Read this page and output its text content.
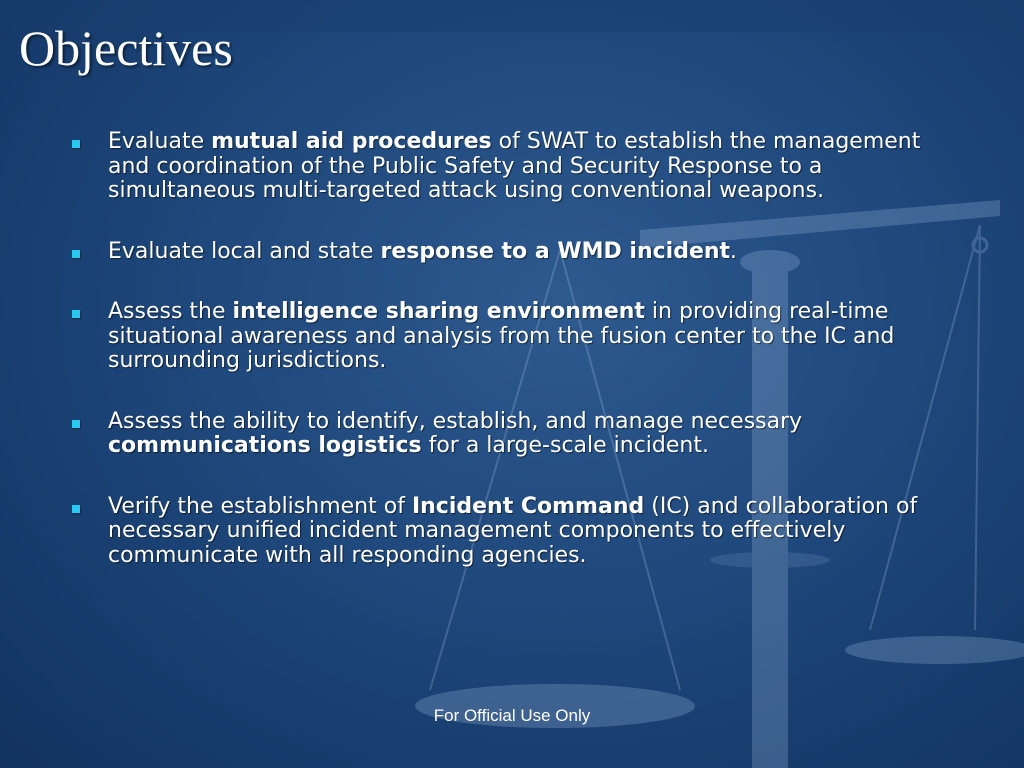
Objectives
Evaluate mutual aid procedures of SWAT to establish the management and coordination of the Public Safety and Security Response to a simultaneous multi-targeted attack using conventional weapons.
Evaluate local and state response to a WMD incident.
Assess the intelligence sharing environment in providing real-time situational awareness and analysis from the fusion center to the IC and surrounding jurisdictions.
Assess the ability to identify, establish, and manage necessary communications logistics for a large-scale incident.
Verify the establishment of Incident Command (IC) and collaboration of necessary unified incident management components to effectively communicate with all responding agencies.
For Official Use Only
